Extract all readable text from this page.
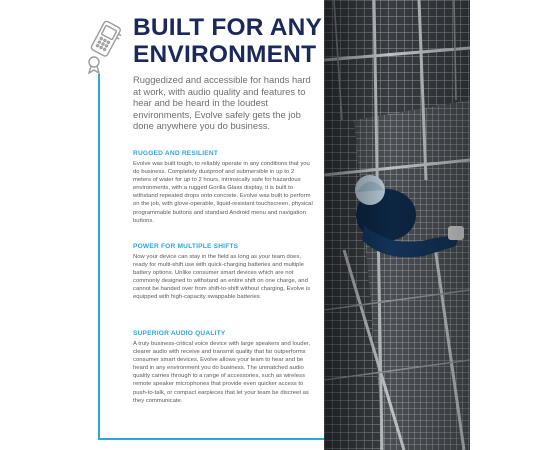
BUILT FOR ANY
ENVIRONMENT

Ruggedized and accessible for hands hard at work, with audio quality and features to hear and be heard in the loudest environments, Evolve safely gets the job done anywhere you do business.

RUGGED AND RESILIENT

Evolve was built tough, to reliably operate in any conditions that you do business. Completely dustproof and submersible in up to 2 meters of water for up to 2 hours, intrinsically safe for hazardous environments, with a rugged Gorilla Glass display, it is built to withstand repeated drops onto concrete. Evolve was built to perform on the job, with glove-operable, liquid-resistant touchscreen, physical programmable buttons and standard Android menu and navigation buttons.

POWER FOR MULTIPLE SHIFTS

Now your device can stay in the field as long as your team does, ready for multi-shift use with quick-charging batteries and multiple battery options. Unlike consumer smart devices which are not commonly designed to withstand an entire shift on one charge, and cannot be handed over from shift-to-shift without charging, Evolve is equipped with high-capacity swappable batteries.

SUPERIOR AUDIO QUALITY

A truly business-critical voice device with large speakers and louder, clearer audio with receive and transmit quality that far outperforms consumer smart devices, Evolve allows your team to hear and be heard in any environment you do business. The unmatched audio quality carries through to a range of accessories, such as wireless remote speaker microphones that provide even quicker access to push-to-talk, or compact earpieces that let your team be discreet as they communicate.
